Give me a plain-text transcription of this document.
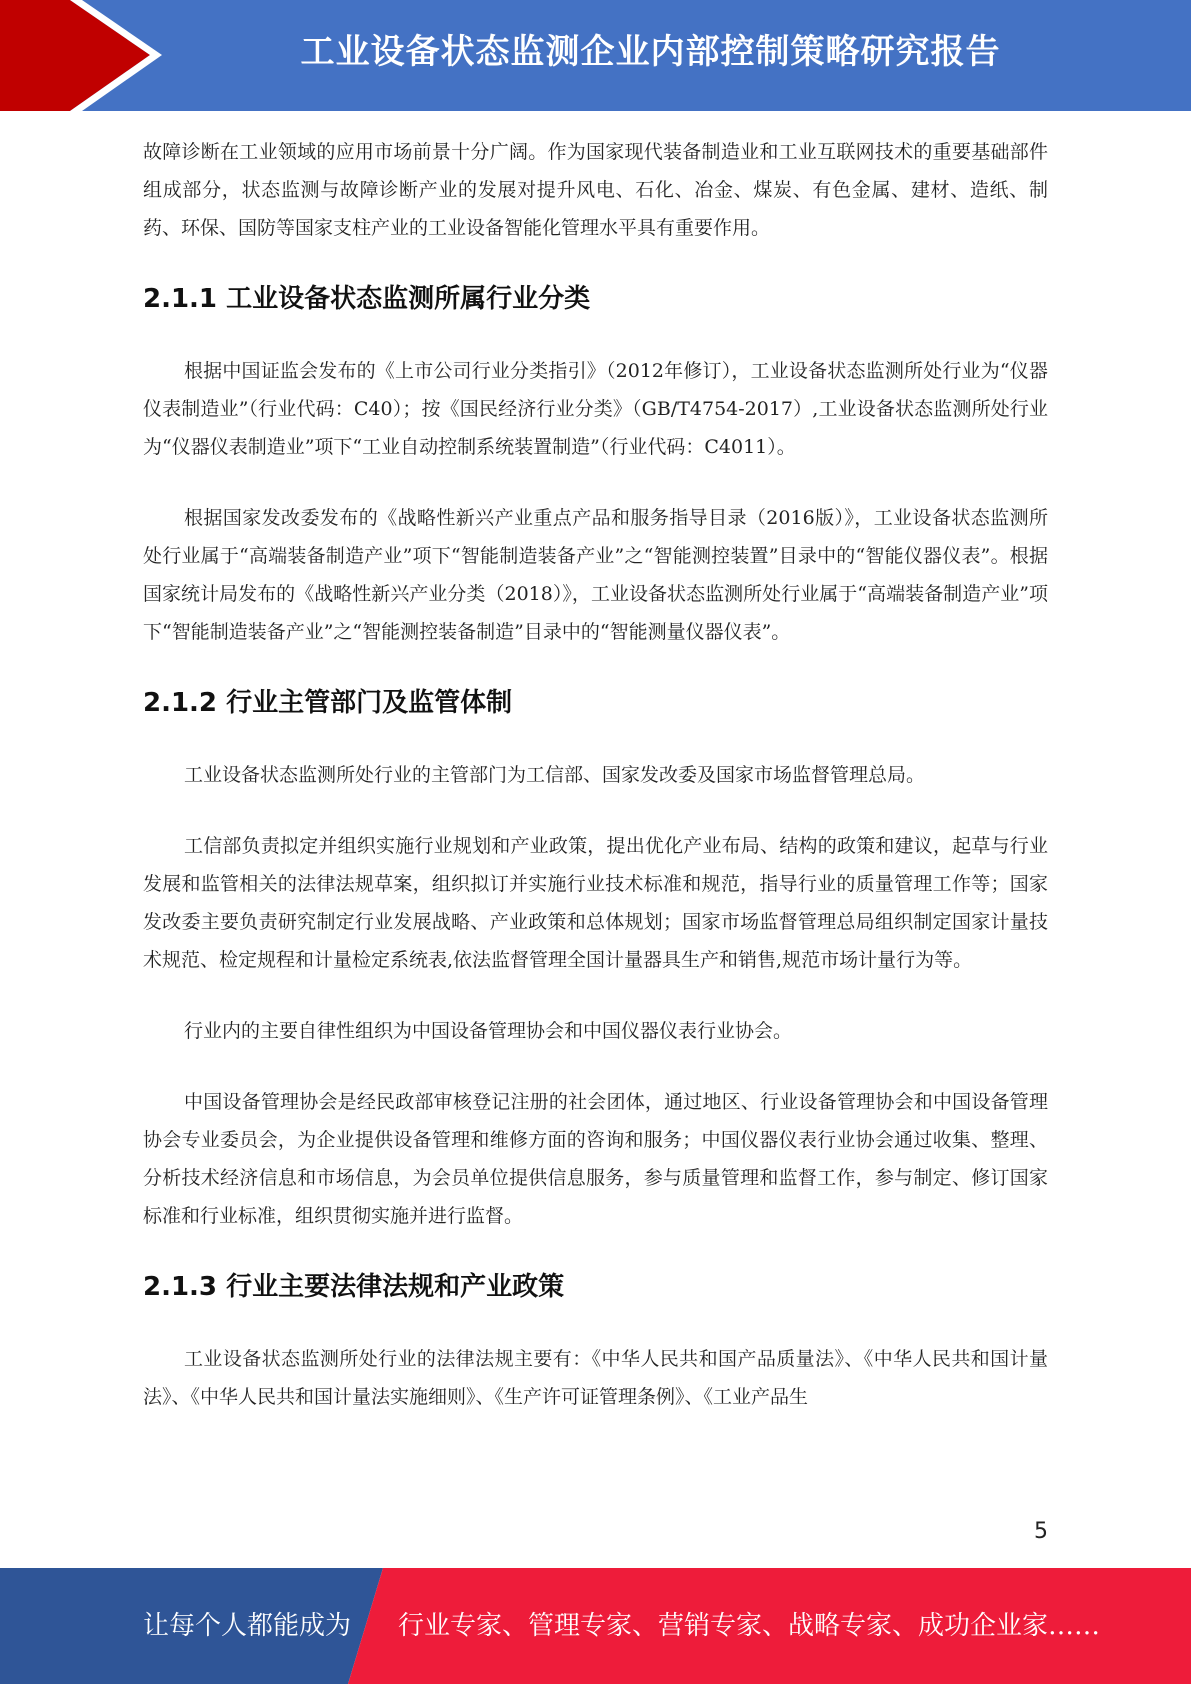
工业设备状态监测企业内部控制策略研究报告

故障诊断在工业领域的应用市场前景十分广阔。作为国家现代装备制造业和工业互联网技术的重要基础部件组成部分，状态监测与故障诊断产业的发展对提升风电、石化、冶金、煤炭、有色金属、建材、造纸、制药、环保、国防等国家支柱产业的工业设备智能化管理水平具有重要作用。

2.1.1 工业设备状态监测所属行业分类

根据中国证监会发布的《上市公司行业分类指引》（2012年修订），工业设备状态监测所处行业为“仪器仪表制造业”（行业代码：C40）；按《国民经济行业分类》（GB/T4754-2017）,工业设备状态监测所处行业为“仪器仪表制造业”项下“工业自动控制系统装置制造”（行业代码：C4011）。

根据国家发改委发布的《战略性新兴产业重点产品和服务指导目录（2016版）》，工业设备状态监测所处行业属于“高端装备制造产业”项下“智能制造装备产业”之“智能测控装置”目录中的“智能仪器仪表”。根据国家统计局发布的《战略性新兴产业分类（2018）》，工业设备状态监测所处行业属于“高端装备制造产业”项下“智能制造装备产业”之“智能测控装备制造”目录中的“智能测量仪器仪表”。

2.1.2 行业主管部门及监管体制

工业设备状态监测所处行业的主管部门为工信部、国家发改委及国家市场监督管理总局。

工信部负责拟定并组织实施行业规划和产业政策，提出优化产业布局、结构的政策和建议，起草与行业发展和监管相关的法律法规草案，组织拟订并实施行业技术标准和规范，指导行业的质量管理工作等；国家发改委主要负责研究制定行业发展战略、产业政策和总体规划；国家市场监督管理总局组织制定国家计量技术规范、检定规程和计量检定系统表,依法监督管理全国计量器具生产和销售,规范市场计量行为等。

行业内的主要自律性组织为中国设备管理协会和中国仪器仪表行业协会。

中国设备管理协会是经民政部审核登记注册的社会团体，通过地区、行业设备管理协会和中国设备管理协会专业委员会，为企业提供设备管理和维修方面的咨询和服务；中国仪器仪表行业协会通过收集、整理、分析技术经济信息和市场信息，为会员单位提供信息服务，参与质量管理和监督工作，参与制定、修订国家标准和行业标准，组织贯彻实施并进行监督。

2.1.3 行业主要法律法规和产业政策

工业设备状态监测所处行业的法律法规主要有：《中华人民共和国产品质量法》、《中华人民共和国计量法》、《中华人民共和国计量法实施细则》、《生产许可证管理条例》、《工业产品生

5
让每个人都能成为 行业专家、管理专家、营销专家、战略专家、成功企业家……
